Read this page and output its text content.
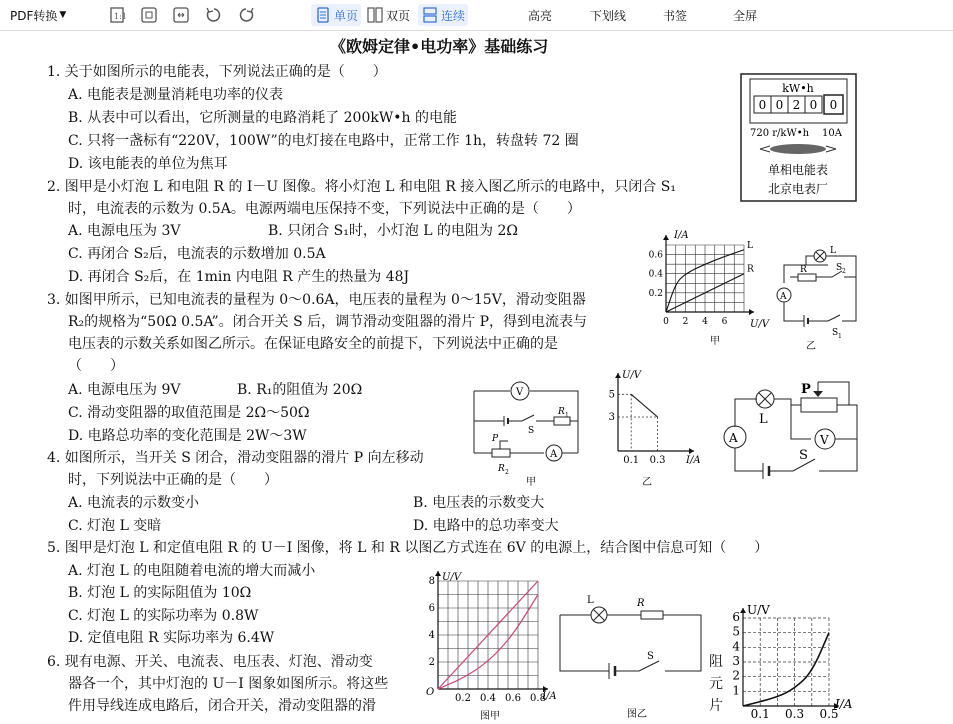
PDF转换 ▼	1:1	单页 双页	连续	高亮	下划线	书签	全屏
《欧姆定律•电功率》基础练习
1. 关于如图所示的电能表，下列说法正确的是（　　）
A. 电能表是测量消耗电功率的仪表
B. 从表中可以看出，它所测量的电路消耗了 200kW•h 的电能
C. 只将一盏标有“220V，100W”的电灯接在电路中，正常工作 1h，转盘转 72 圈
D. 该电能表的单位为焦耳
kW•h
0 0 2 0 0
720 r/kW•h 10A
单相电能表
北京电表厂
2. 图甲是小灯泡 L 和电阻 R 的 I－U 图像。将小灯泡 L 和电阻 R 接入图乙所示的电路中，只闭合 S₁
时，电流表的示数为 0.5A。电源两端电压保持不变，下列说法中正确的是（　　）
A. 电源电压为 3V	B. 只闭合 S₁时，小灯泡 L 的电阻为 2Ω
C. 再闭合 S₂后，电流表的示数增加 0.5A
D. 再闭合 S₂后，在 1min 内电阻 R 产生的热量为 48J
L
R
0 2 4 6
0.2
0.4
0.6
I/A
U/V
甲
L
R	S 2
A
S 1
乙
3. 如图甲所示，已知电流表的量程为 0～0.6A，电压表的量程为 0～15V，滑动变阻器
R₂的规格为“50Ω 0.5A”。闭合开关 S 后，调节滑动变阻器的滑片 P，得到电流表与
电压表的示数关系如图乙所示。在保证电路安全的前提下，下列说法中正确的是
（　　）
A. 电源电压为 9V	B. R₁的阻值为 20Ω
C. 滑动变阻器的取值范围是 2Ω～50Ω
D. 电路总功率的变化范围是 2W～3W
V
S
R 1
P
R 2
A
甲
0.1 0.3
5
3
U/V
I/A
乙
L
P
V
A
S
4. 如图所示，当开关 S 闭合，滑动变阻器的滑片 P 向左移动
时，下列说法中正确的是（　　）
A. 电流表的示数变小	B. 电压表的示数变大
C. 灯泡 L 变暗	D. 电路中的总功率变大
5. 图甲是灯泡 L 和定值电阻 R 的 U－I 图像，将 L 和 R 以图乙方式连在 6V 的电源上，结合图中信息可知（　　）
A. 灯泡 L 的电阻随着电流的增大而减小
B. 灯泡 L 的实际阻值为 10Ω
C. 灯泡 L 的实际功率为 0.8W
D. 定值电阻 R 实际功率为 6.4W
0.2 0.4 0.6 0.8
2
4
6
8 U/V
I/A
O
图甲
L	R
S
图乙
6. 现有电源、开关、电流表、电压表、灯泡、滑动变
器各一个，其中灯泡的 U－I 图象如图所示。将这些
件用导线连成电路后，闭合开关，滑动变阻器的滑
阻
元
片 0.1 0.3 0.5
1
2
3
4
5
6 U/V
I/A
